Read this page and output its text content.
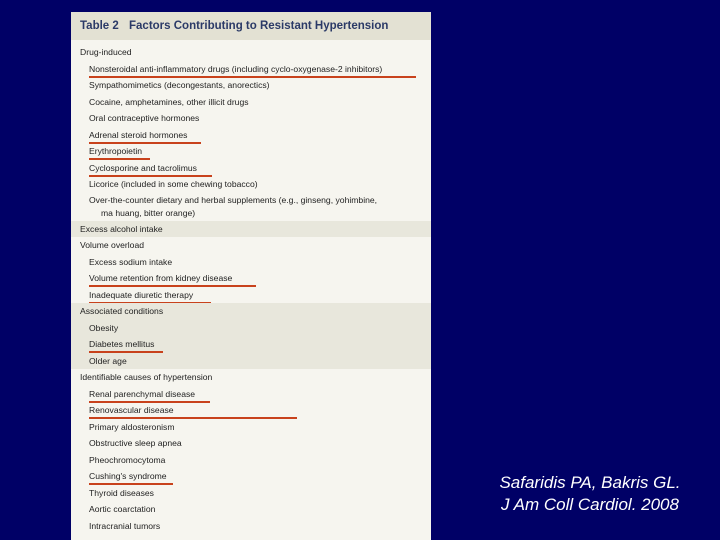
Table 2 Factors Contributing to Resistant Hypertension
Drug-induced
Nonsteroidal anti-inflammatory drugs (including cyclo-oxygenase-2 inhibitors)
Sympathomimetics (decongestants, anorectics)
Cocaine, amphetamines, other illicit drugs
Oral contraceptive hormones
Adrenal steroid hormones
Erythropoietin
Cyclosporine and tacrolimus
Licorice (included in some chewing tobacco)
Over-the-counter dietary and herbal supplements (e.g., ginseng, yohimbine,
ma huang, bitter orange)
Excess alcohol intake
Volume overload
Excess sodium intake
Volume retention from kidney disease
Inadequate diuretic therapy
Associated conditions
Obesity
Diabetes mellitus
Older age
Identifiable causes of hypertension
Renal parenchymal disease
Renovascular disease
Primary aldosteronism
Obstructive sleep apnea
Pheochromocytoma
Cushing's syndrome
Thyroid diseases
Aortic coarctation
Intracranial tumors
Safaridis PA, Bakris GL.
J Am Coll Cardiol. 2008
